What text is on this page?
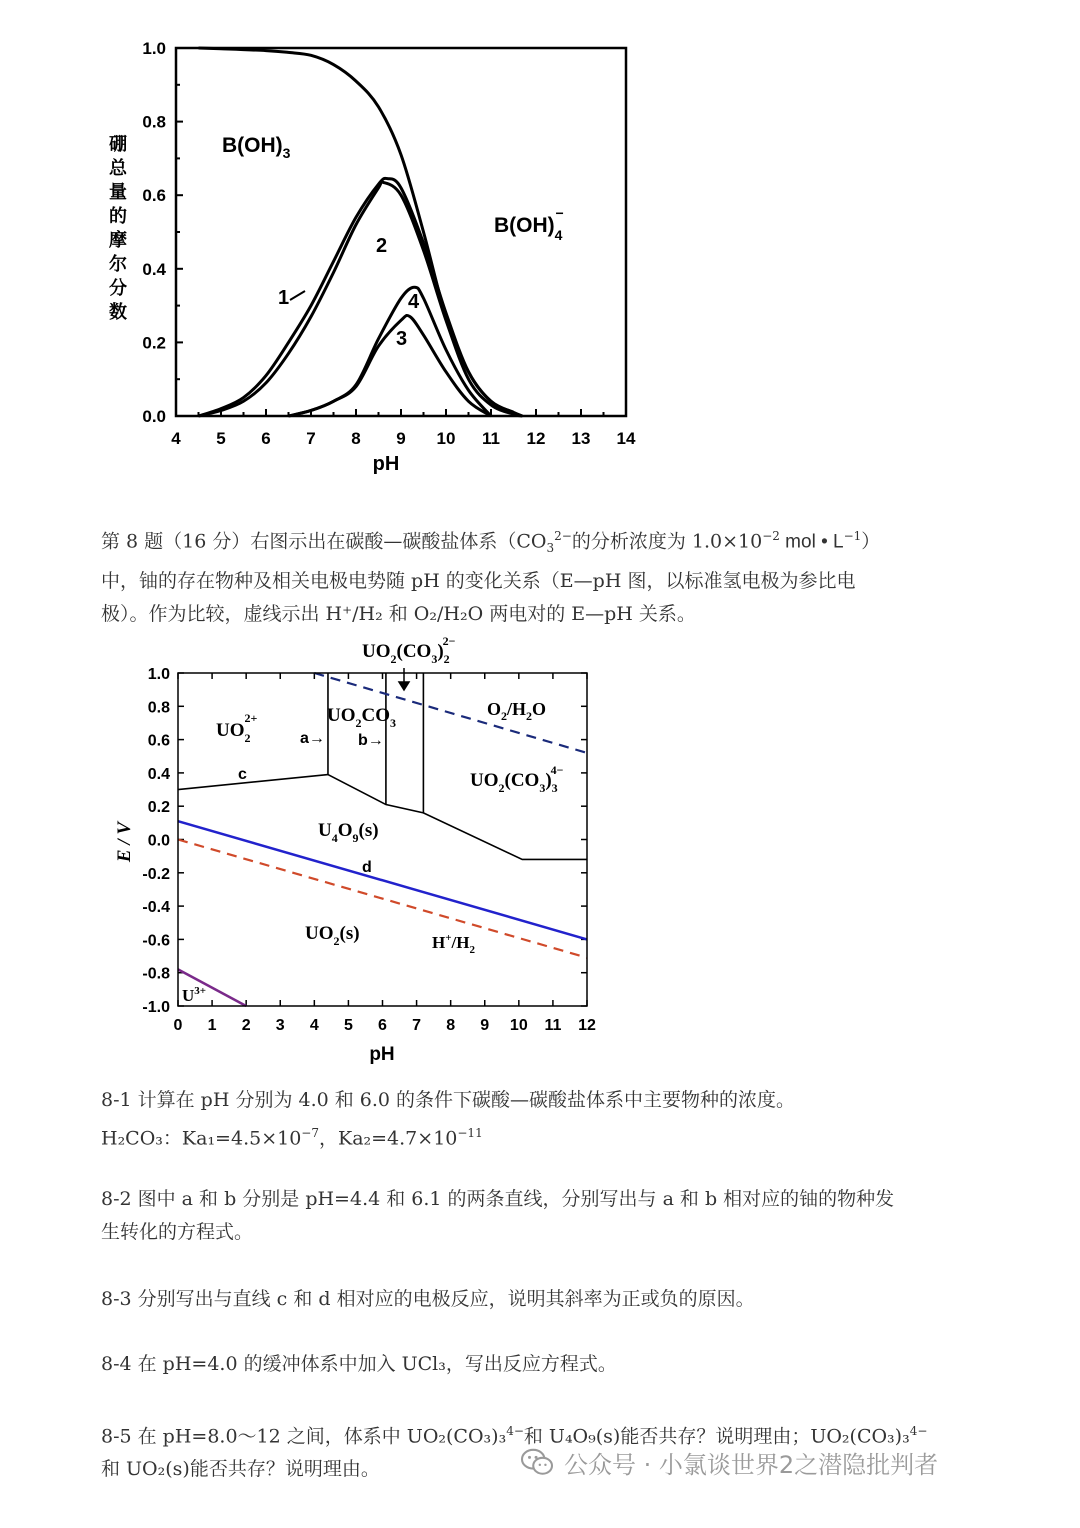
4 5 6 7 8 9 10 11 12 13 14
0.0
0.2
0.4
0.6
0.8
1.0
pH
硼
总
量
的
摩
尔
分
数
$B(OH)_3$
$B(OH)_4-$
1
2
4
3
第 8 题（16 分）右图示出在碳酸—碳酸盐体系（$CO_3^{2-}$的分析浓度为 $1.0\times 10^{-2}$ mol • $L^{-1}$）
中，铀的存在物种及相关电极电势随 pH 的变化关系（E—pH 图，以标准氢电极为参比电
极）。作为比较，虚线示出 H⁺/H₂ 和 O₂/H₂O 两电对的 E—pH 关系。
0 1 2 3 4 5 6 7 8 9 10 11 12
1.0
0.8
0.6
0.4
0.2
0.0
-0.2
-0.4
-0.6
-0.8
-1.0
pH
E / V
$UO_22+$	$UO_2CO_3$
$UO_2(CO_3)_22-$
$O_2/H_2O$
$UO_2(CO_3)_34-$
$U_4O_9(s)$
$UO_2(s)$	$H^+/H_2$
$U^{3+}$
a→ b→
c
d
8-1 计算在 pH 分别为 4.0 和 6.0 的条件下碳酸—碳酸盐体系中主要物种的浓度。
H₂CO₃：$Ka_1=4.5\times 10^{-7}$，$Ka_2=4.7\times 10^{-11}$
8-2 图中 a 和 b 分别是 pH=4.4 和 6.1 的两条直线，分别写出与 a 和 b 相对应的铀的物种发
生转化的方程式。
8-3 分别写出与直线 c 和 d 相对应的电极反应，说明其斜率为正或负的原因。
8-4 在 pH=4.0 的缓冲体系中加入 UCl₃，写出反应方程式。
8-5 在 pH=8.0～12 之间，体系中 UO₂(CO₃)₃$^{4-}$和 U₄O₉(s)能否共存？说明理由；UO₂(CO₃)₃$^{4-}$
和 UO₂(s)能否共存？说明理由。	公众号 · 小氯谈世界2之潜隐批判者
